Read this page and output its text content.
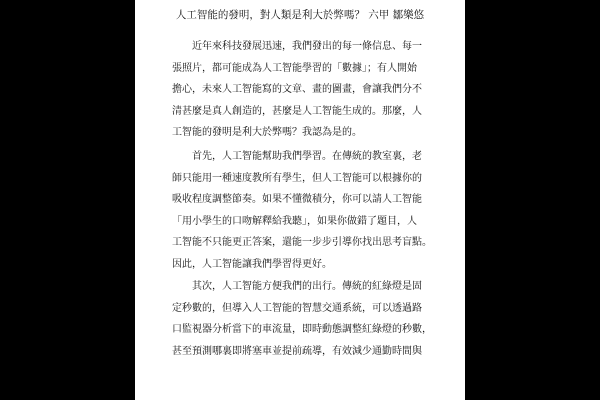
人工智能的發明，對人類是利大於弊嗎？ 六甲 鄒樂悠
　　近年來科技發展迅速，我們發出的每一條信息、每一
張照片，都可能成為人工智能學習的「數據」；有人開始
擔心，未來人工智能寫的文章、畫的圖畫，會讓我們分不
清甚麼是真人創造的，甚麼是人工智能生成的。那麼，人
工智能的發明是利大於弊嗎？我認為是的。
　　首先，人工智能幫助我們學習。在傳統的教室裏，老
師只能用一種速度教所有學生，但人工智能可以根據你的
吸收程度調整節奏。如果不懂微積分，你可以請人工智能
「用小學生的口吻解釋給我聽」，如果你做錯了題目，人
工智能不只能更正答案，還能一步步引導你找出思考盲點。
因此，人工智能讓我們學習得更好。
　　其次，人工智能方便我們的出行。傳統的紅綠燈是固
定秒數的，但導入人工智能的智慧交通系統，可以透過路
口監視器分析當下的車流量，即時動態調整紅綠燈的秒數，
甚至預測哪裏即將塞車並提前疏導，有效減少通勤時間與
